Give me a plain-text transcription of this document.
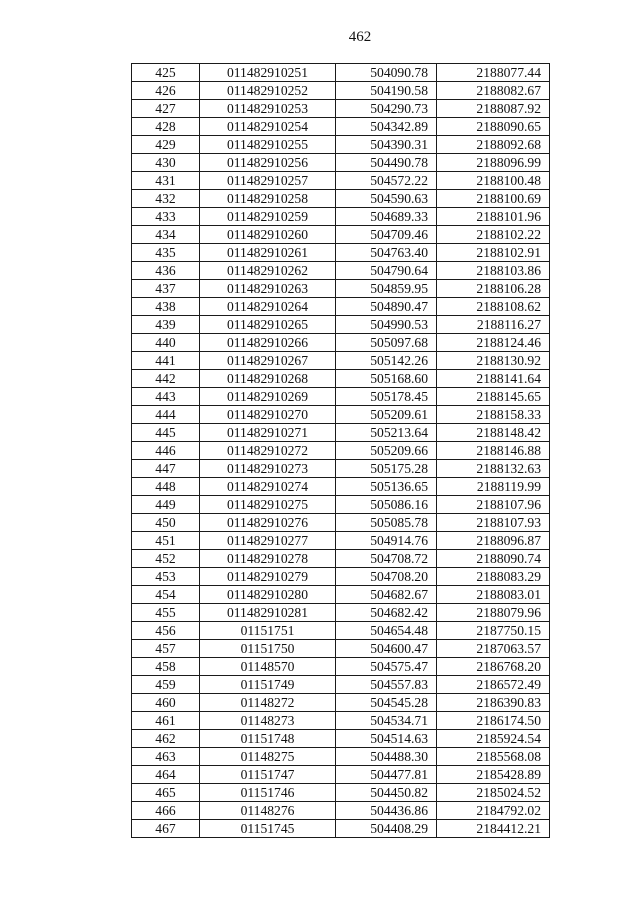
462
425	011482910251	504090.78	2188077.44
426	011482910252	504190.58	2188082.67
427	011482910253	504290.73	2188087.92
428	011482910254	504342.89	2188090.65
429	011482910255	504390.31	2188092.68
430	011482910256	504490.78	2188096.99
431	011482910257	504572.22	2188100.48
432	011482910258	504590.63	2188100.69
433	011482910259	504689.33	2188101.96
434	011482910260	504709.46	2188102.22
435	011482910261	504763.40	2188102.91
436	011482910262	504790.64	2188103.86
437	011482910263	504859.95	2188106.28
438	011482910264	504890.47	2188108.62
439	011482910265	504990.53	2188116.27
440	011482910266	505097.68	2188124.46
441	011482910267	505142.26	2188130.92
442	011482910268	505168.60	2188141.64
443	011482910269	505178.45	2188145.65
444	011482910270	505209.61	2188158.33
445	011482910271	505213.64	2188148.42
446	011482910272	505209.66	2188146.88
447	011482910273	505175.28	2188132.63
448	011482910274	505136.65	2188119.99
449	011482910275	505086.16	2188107.96
450	011482910276	505085.78	2188107.93
451	011482910277	504914.76	2188096.87
452	011482910278	504708.72	2188090.74
453	011482910279	504708.20	2188083.29
454	011482910280	504682.67	2188083.01
455	011482910281	504682.42	2188079.96
456	01151751	504654.48	2187750.15
457	01151750	504600.47	2187063.57
458	01148570	504575.47	2186768.20
459	01151749	504557.83	2186572.49
460	01148272	504545.28	2186390.83
461	01148273	504534.71	2186174.50
462	01151748	504514.63	2185924.54
463	01148275	504488.30	2185568.08
464	01151747	504477.81	2185428.89
465	01151746	504450.82	2185024.52
466	01148276	504436.86	2184792.02
467	01151745	504408.29	2184412.21
